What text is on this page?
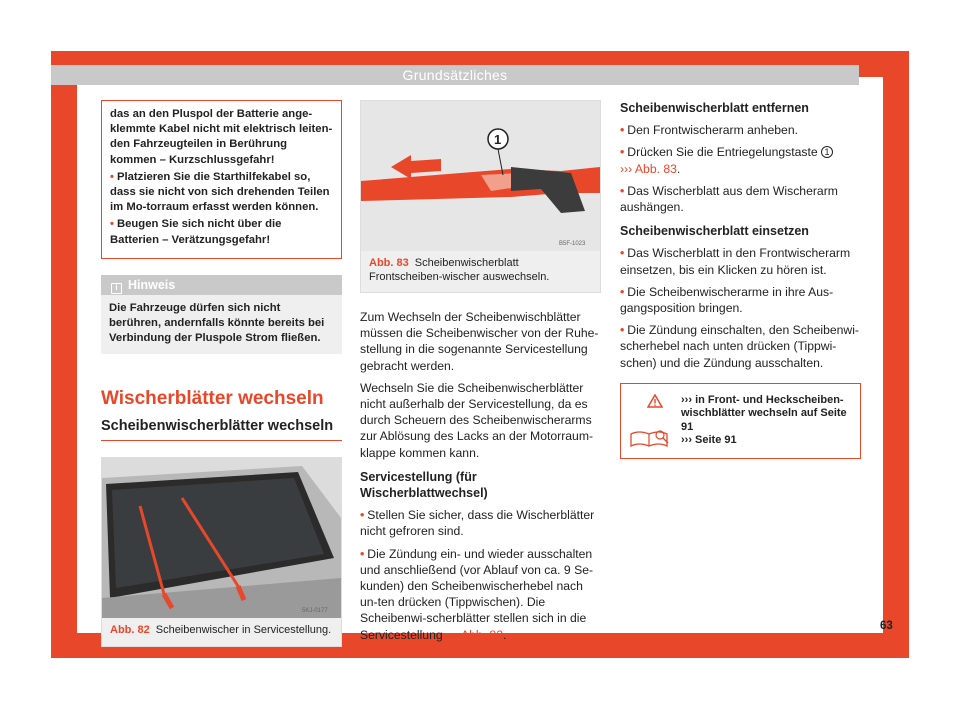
Grundsätzliches

das an den Pluspol der Batterie ange-klemmte Kabel nicht mit elektrisch leiten-den Fahrzeugteilen in Berührung kommen – Kurzschlussgefahr!

• Platzieren Sie die Starthilfekabel so, dass sie nicht von sich drehenden Teilen im Mo-torraum erfasst werden können.

• Beugen Sie sich nicht über die Batterien – Verätzungsgefahr!

i Hinweis
Die Fahrzeuge dürfen sich nicht berühren, andernfalls könnte bereits bei Verbindung der Pluspole Strom fließen.
Wischerblätter wechseln
Scheibenwischerblätter wechseln
5KJ-0177
Abb. 82 Scheibenwischer in Servicestellung.
1
B5F-1023
Abb. 83 Scheibenwischerblatt Frontscheiben-wischer auswechseln.

Zum Wechseln der Scheibenwischblätter müssen die Scheibenwischer von der Ruhe-stellung in die sogenannte Servicestellung gebracht werden.

Wechseln Sie die Scheibenwischerblätter nicht außerhalb der Servicestellung, da es durch Scheuern des Scheibenwischerarms zur Ablösung des Lacks an der Motorraum-klappe kommen kann.

Servicestellung (für Wischerblattwechsel)

• Stellen Sie sicher, dass die Wischerblätter nicht gefroren sind.

• Die Zündung ein- und wieder ausschalten und anschließend (vor Ablauf von ca. 9 Se-kunden) den Scheibenwischerhebel nach un-ten drücken (Tippwischen). Die Scheibenwi-scherblätter stellen sich in die Servicestellung ››› Abb. 82.

Scheibenwischerblatt entfernen

• Den Frontwischerarm anheben.

• Drücken Sie die Entriegelungstaste 1
››› Abb. 83.

• Das Wischerblatt aus dem Wischerarm aushängen.

Scheibenwischerblatt einsetzen

• Das Wischerblatt in den Frontwischerarm einsetzen, bis ein Klicken zu hören ist.

• Die Scheibenwischerarme in ihre Aus-gangsposition bringen.

• Die Zündung einschalten, den Scheibenwi-scherhebel nach unten drücken (Tippwi-schen) und die Zündung ausschalten.

››› in Front- und Heckscheiben-wischblätter wechseln auf Seite 91
››› Seite 91
63
